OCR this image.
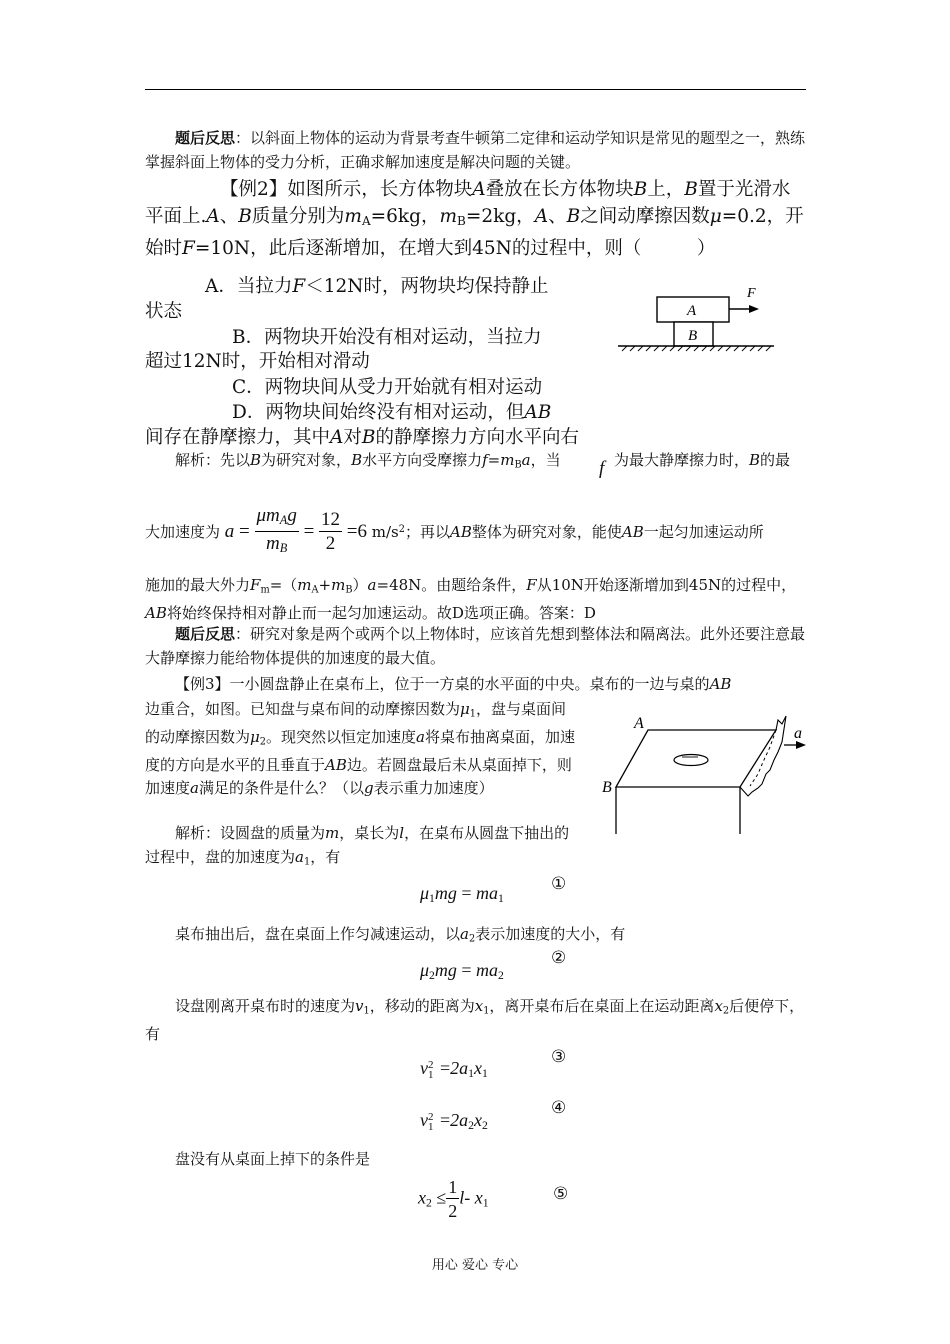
题后反思：以斜面上物体的运动为背景考查牛顿第二定律和运动学知识是常见的题型之一，熟练掌握斜面上物体的受力分析，正确求解加速度是解决问题的关键。

【例2】如图所示，长方体物块A叠放在长方体物块B上，B置于光滑水平面上.A、B质量分别为$m_A=6kg$，$m_B=2kg$，A、B之间动摩擦因数μ=0.2，开始时F=10N，此后逐渐增加，在增大到45N的过程中，则（　　　）

A．当拉力F＜12N时，两物块均保持静止

状态

B．两物块开始没有相对运动，当拉力

超过12N时，开始相对滑动

C．两物块间从受力开始就有相对运动

D．两物块间始终没有相对运动，但AB

间存在静摩擦力，其中A对B的静摩擦力方向水平向右

A
B
F

解析：先以B为研究对象，B水平方向受摩擦力$f=m_Ba$，当 f 为最大静摩擦力时，B的最

大加速度为 $a = \frac{\mu m_Ag}{m_B} = \frac{12}{2} =6$ $m/s^2$；再以AB整体为研究对象，能使AB一起匀加速运动所

施加的最大外力$F_m=(m_A+m_B)a=48N$。由题给条件，F从10N开始逐渐增加到45N的过程中，AB将始终保持相对静止而一起匀加速运动。故D选项正确。答案：D

题后反思：研究对象是两个或两个以上物体时，应该首先想到整体法和隔离法。此外还要注意最大静摩擦力能给物体提供的加速度的最大值。

【例3】一小圆盘静止在桌布上，位于一方桌的水平面的中央。桌布的一边与桌的AB

边重合，如图。已知盘与桌布间的动摩擦因数为$\mu_1$，盘与桌面间的动摩擦因数为$\mu_2$。现突然以恒定加速度a将桌布抽离桌面，加速度的方向是水平的且垂直于AB边。若圆盘最后未从桌面掉下，则加速度a满足的条件是什么？（以g表示重力加速度）

解析：设圆盘的质量为m，桌长为l，在桌布从圆盘下抽出的过程中，盘的加速度为$a_1$，有

A
B
a
$\mu_1mg = ma_1$
①

桌布抽出后，盘在桌面上作匀减速运动，以$a_2$表示加速度的大小，有

$\mu_2mg = ma_2$
②

设盘刚离开桌布时的速度为$v_1$，移动的距离为$x_1$，离开桌布后在桌面上在运动距离$x_2$后便停下，有

v 2
$1 =2a_1x_1$
③
v 2
$1 =2a_2x_2$
④

盘没有从桌面上掉下的条件是

$x_2 \le \frac{1}{2} l-$ $x_1$	⑤
用心 爱心 专心
